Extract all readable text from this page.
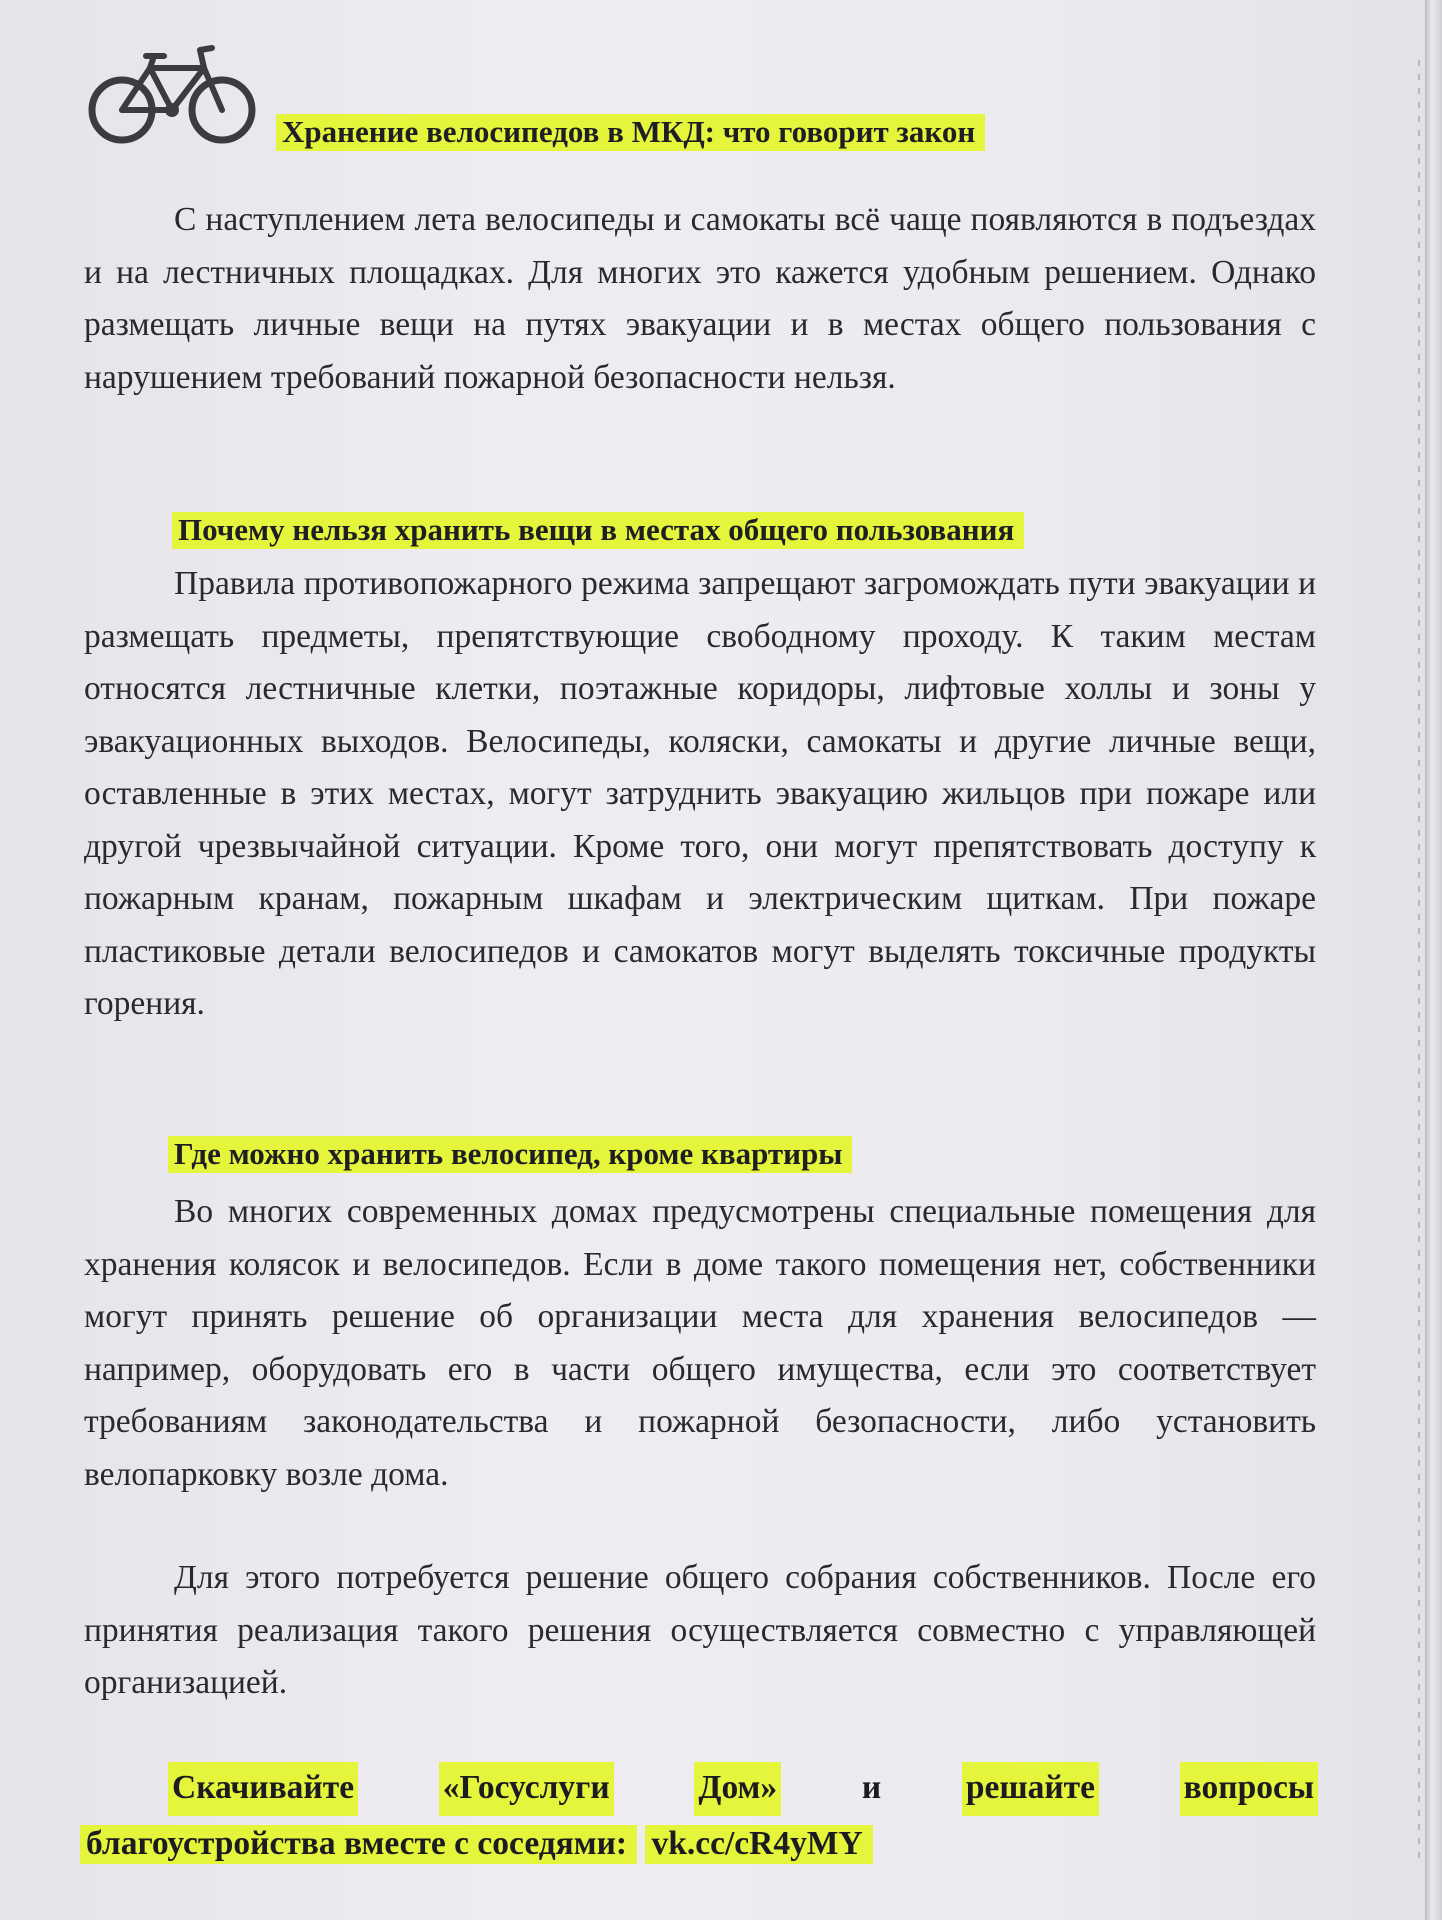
Хранение велосипедов в МКД: что говорит закон

С наступлением лета велосипеды и самокаты всё чаще появляются в подъездах и на лестничных площадках. Для многих это кажется удобным решением. Однако размещать личные вещи на путях эвакуации и в местах общего пользования с нарушением требований пожарной безопасности нельзя.

Почему нельзя хранить вещи в местах общего пользования

Правила противопожарного режима запрещают загромождать пути эвакуации и размещать предметы, препятствующие свободному проходу. К таким местам относятся лестничные клетки, поэтажные коридоры, лифтовые холлы и зоны у эвакуационных выходов. Велосипеды, коляски, самокаты и другие личные вещи, оставленные в этих местах, могут затруднить эвакуацию жильцов при пожаре или другой чрезвычайной ситуации. Кроме того, они могут препятствовать доступу к пожарным кранам, пожарным шкафам и электрическим щиткам. При пожаре пластиковые детали велосипедов и самокатов могут выделять токсичные продукты горения.

Где можно хранить велосипед, кроме квартиры

Во многих современных домах предусмотрены специальные помещения для хранения колясок и велосипедов. Если в доме такого помещения нет, собственники могут принять решение об организации места для хранения велосипедов — например, оборудовать его в части общего имущества, если это соответствует требованиям законодательства и пожарной безопасности, либо установить велопарковку возле дома.

Для этого потребуется решение общего собрания собственников. После его принятия реализация такого решения осуществляется совместно с управляющей организацией.

Скачивайте	«Госуслуги	Дом»	и	решайте	вопросы
благоустройства вместе с соседями: vk.cc/cR4yMY
